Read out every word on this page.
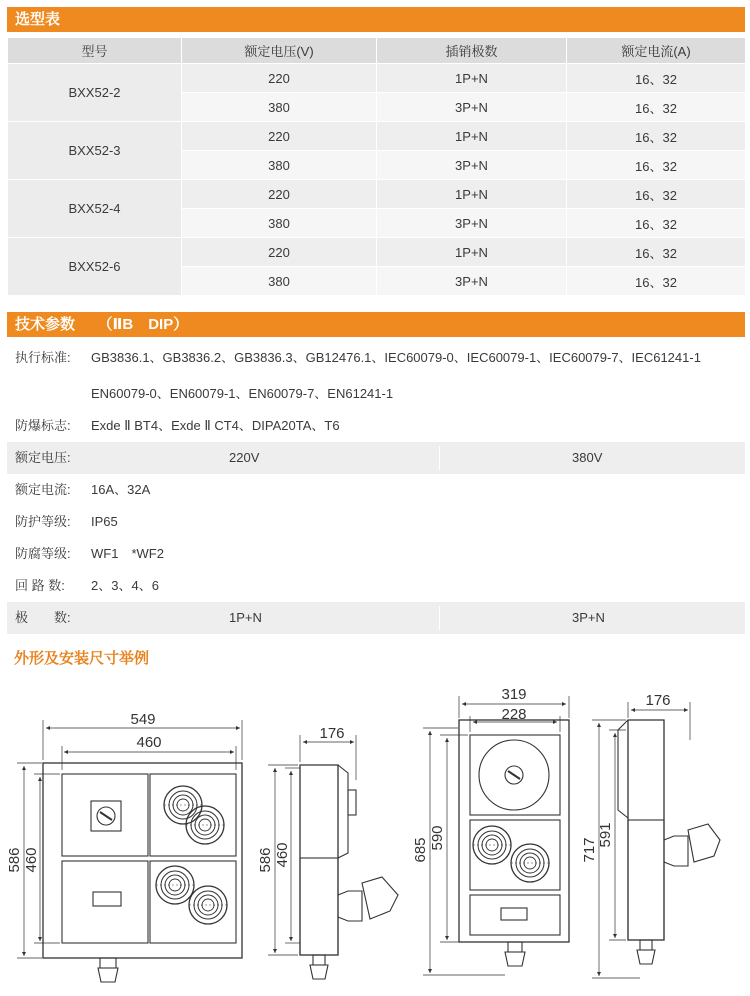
选型表
型号	额定电压(V)	插销极数	额定电流(A)
BXX52-2	220	1P+N	16、32
	380	3P+N	16、32
BXX52-3	220	1P+N	16、32
	380	3P+N	16、32
BXX52-4	220	1P+N	16、32
	380	3P+N	16、32
BXX52-6	220	1P+N	16、32
	380	3P+N	16、32
技术参数　　（ⅡB　DIP）
执行标准: GB3836.1、GB3836.2、GB3836.3、GB12476.1、IEC60079-0、IEC60079-1、IEC60079-7、IEC61241-1
EN60079-0、EN60079-1、EN60079-7、EN61241-1
防爆标志: Exde Ⅱ BT4、Exde Ⅱ CT4、DIPA20TA、T6
额定电压:	220V	380V
额定电流: 16A、32A
防护等级: IP65
防腐等级: WF1　*WF2
回 路 数: 2、3、4、6
极　　数:	1P+N	3P+N
外形及安装尺寸举例
549
460
586 460
176
586 460
319
228
685 590
176
717
591
